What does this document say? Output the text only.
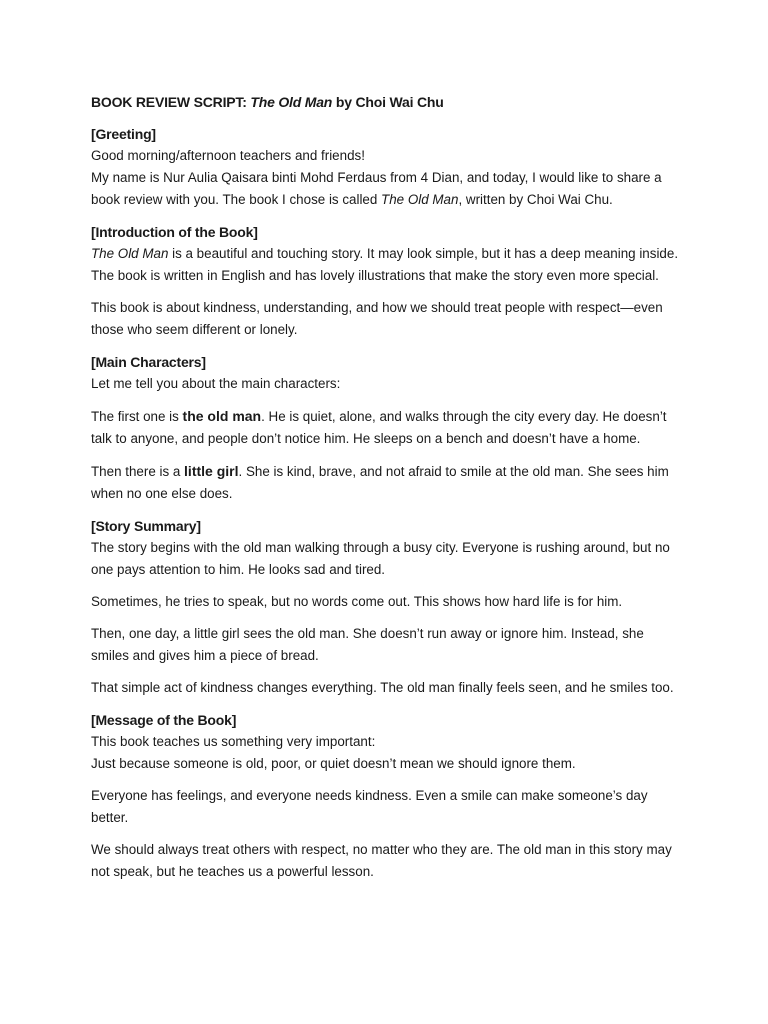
BOOK REVIEW SCRIPT: The Old Man by Choi Wai Chu
[Greeting]
Good morning/afternoon teachers and friends!
My name is Nur Aulia Qaisara binti Mohd Ferdaus from 4 Dian, and today, I would like to share a book review with you. The book I chose is called The Old Man, written by Choi Wai Chu.
[Introduction of the Book]
The Old Man is a beautiful and touching story. It may look simple, but it has a deep meaning inside. The book is written in English and has lovely illustrations that make the story even more special.
This book is about kindness, understanding, and how we should treat people with respect—even those who seem different or lonely.
[Main Characters]
Let me tell you about the main characters:
The first one is the old man. He is quiet, alone, and walks through the city every day. He doesn’t talk to anyone, and people don’t notice him. He sleeps on a bench and doesn’t have a home.
Then there is a little girl. She is kind, brave, and not afraid to smile at the old man. She sees him when no one else does.
[Story Summary]
The story begins with the old man walking through a busy city. Everyone is rushing around, but no one pays attention to him. He looks sad and tired.
Sometimes, he tries to speak, but no words come out. This shows how hard life is for him.
Then, one day, a little girl sees the old man. She doesn’t run away or ignore him. Instead, she smiles and gives him a piece of bread.
That simple act of kindness changes everything. The old man finally feels seen, and he smiles too.
[Message of the Book]
This book teaches us something very important:
Just because someone is old, poor, or quiet doesn’t mean we should ignore them.
Everyone has feelings, and everyone needs kindness. Even a smile can make someone’s day better.
We should always treat others with respect, no matter who they are. The old man in this story may not speak, but he teaches us a powerful lesson.
